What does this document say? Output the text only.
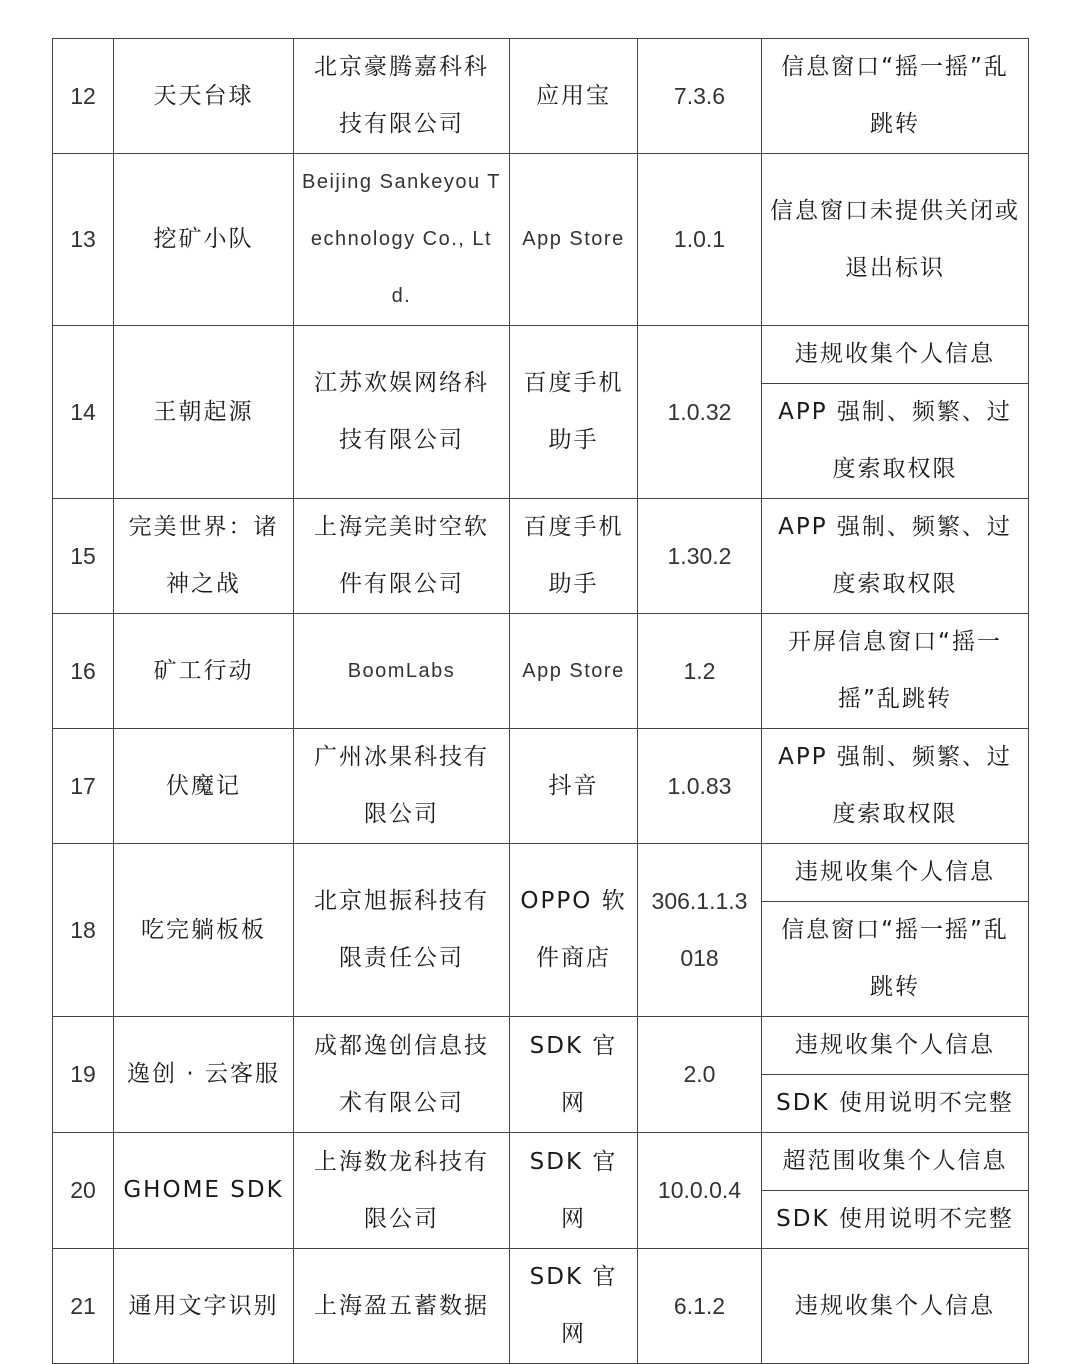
12	天天台球	北京豪腾嘉科科技有限公司	应用宝	7.3.6	信息窗口“摇一摇”乱跳转
13	挖矿小队	Beijing Sankeyou Technology Co., Ltd.	App Store	1.0.1	信息窗口未提供关闭或退出标识
14	王朝起源	江苏欢娱网络科技有限公司	百度手机助手	1.0.32	违规收集个人信息
					APP 强制、频繁、过度索取权限
15	完美世界：诸神之战	上海完美时空软件有限公司	百度手机助手	1.30.2	APP 强制、频繁、过度索取权限
16	矿工行动	BoomLabs	App Store	1.2	开屏信息窗口“摇一摇”乱跳转
17	伏魔记	广州冰果科技有限公司	抖音	1.0.83	APP 强制、频繁、过度索取权限
18	吃完躺板板	北京旭振科技有限责任公司	OPPO 软件商店	306.1.1.3018	违规收集个人信息
					信息窗口“摇一摇”乱跳转
19	逸创 · 云客服	成都逸创信息技术有限公司	SDK 官网	2.0	违规收集个人信息
					SDK 使用说明不完整
20	GHOME SDK	上海数龙科技有限公司	SDK 官网	10.0.0.4	超范围收集个人信息
					SDK 使用说明不完整
21	通用文字识别	上海盈五蓄数据	SDK 官网	6.1.2	违规收集个人信息
